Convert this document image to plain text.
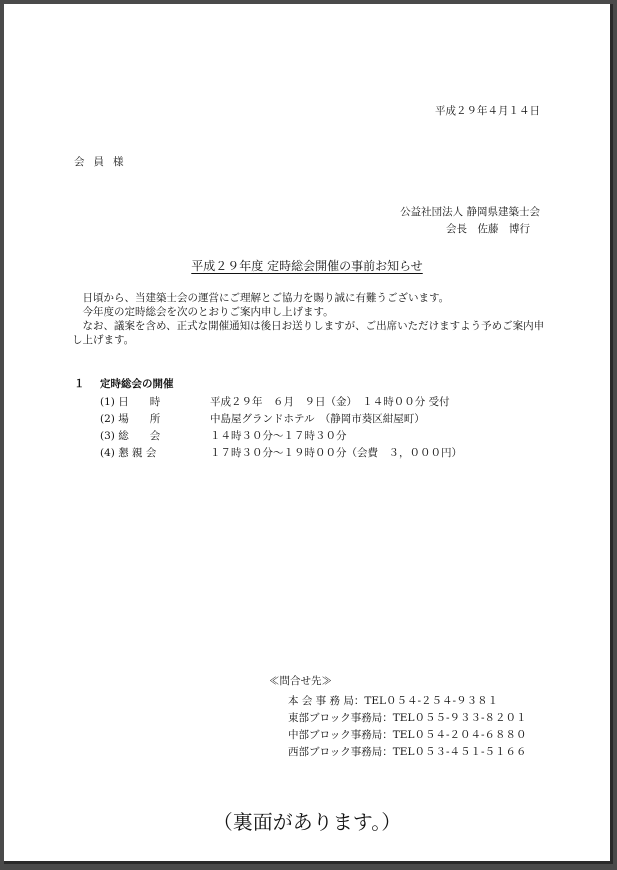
平成２９年４月１４日
会員様
公益社団法人 静岡県建築士会
会長　佐藤　博行
平成２９年度 定時総会開催の事前お知らせ

　日頃から、当建築士会の運営にご理解とご協力を賜り誠に有難うございます。

　今年度の定時総会を次のとおりご案内申し上げます。

　なお、議案を含め、正式な開催通知は後日お送りしますが、ご出席いただけますよう予めご案内申し上げます。

１ 定時総会の開催
(1) 日　　時	平成２９年　６月　９日（金）　１４時００分 受付
(2) 場　　所	中島屋グランドホテル　（静岡市葵区紺屋町）
(3) 総　　会	１４時３０分～１７時３０分
(4) 懇 親 会	１７時３０分～１９時００分（会費　３，０００円）
≪問合せ先≫
本 会 事 務 局：TEL０５４-２５４-９３８１
東部ブロック事務局：TEL０５５-９３３-８２０１
中部ブロック事務局：TEL０５４-２０４-６８８０
西部ブロック事務局：TEL０５３-４５１-５１６６
（裏面があります。）
